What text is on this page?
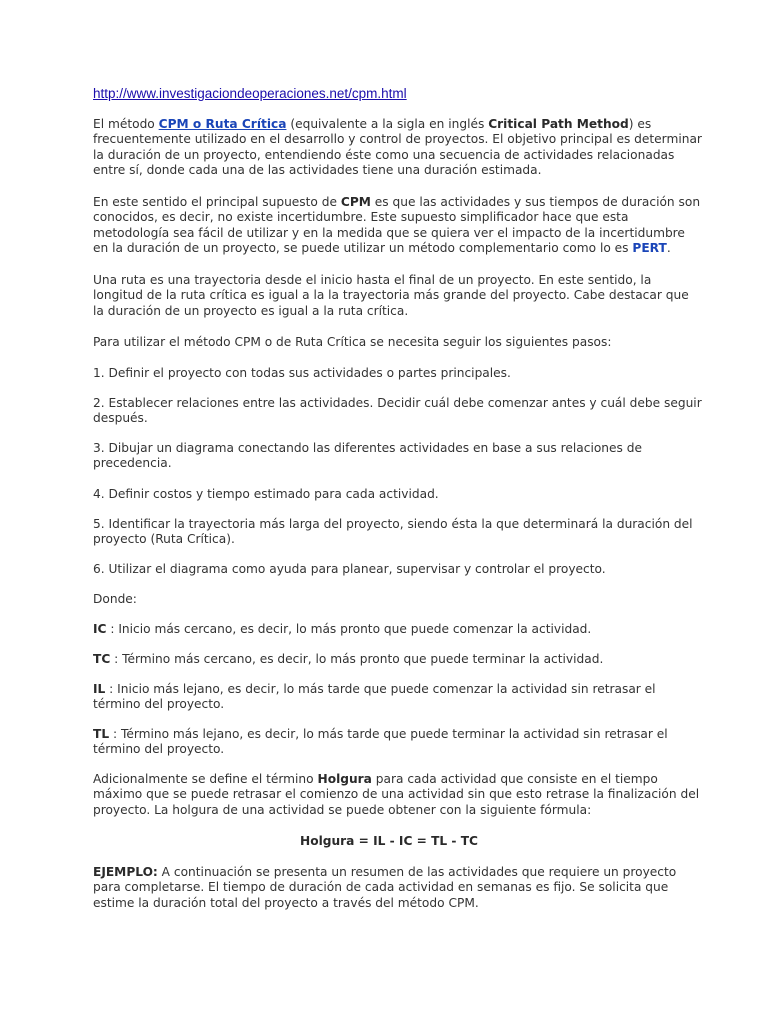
http://www.investigaciondeoperaciones.net/cpm.html

El método CPM o Ruta Crítica (equivalente a la sigla en inglés Critical Path Method) es
frecuentemente utilizado en el desarrollo y control de proyectos. El objetivo principal es determinar
la duración de un proyecto, entendiendo éste como una secuencia de actividades relacionadas
entre sí, donde cada una de las actividades tiene una duración estimada.

En este sentido el principal supuesto de CPM es que las actividades y sus tiempos de duración son
conocidos, es decir, no existe incertidumbre. Este supuesto simplificador hace que esta
metodología sea fácil de utilizar y en la medida que se quiera ver el impacto de la incertidumbre
en la duración de un proyecto, se puede utilizar un método complementario como lo es PERT.

Una ruta es una trayectoria desde el inicio hasta el final de un proyecto. En este sentido, la
longitud de la ruta crítica es igual a la la trayectoria más grande del proyecto. Cabe destacar que
la duración de un proyecto es igual a la ruta crítica.

Para utilizar el método CPM o de Ruta Crítica se necesita seguir los siguientes pasos:

1. Definir el proyecto con todas sus actividades o partes principales.

2. Establecer relaciones entre las actividades. Decidir cuál debe comenzar antes y cuál debe seguir
después.

3. Dibujar un diagrama conectando las diferentes actividades en base a sus relaciones de
precedencia.

4. Definir costos y tiempo estimado para cada actividad.

5. Identificar la trayectoria más larga del proyecto, siendo ésta la que determinará la duración del
proyecto (Ruta Crítica).

6. Utilizar el diagrama como ayuda para planear, supervisar y controlar el proyecto.

Donde:

IC : Inicio más cercano, es decir, lo más pronto que puede comenzar la actividad.

TC : Término más cercano, es decir, lo más pronto que puede terminar la actividad.

IL : Inicio más lejano, es decir, lo más tarde que puede comenzar la actividad sin retrasar el
término del proyecto.

TL : Término más lejano, es decir, lo más tarde que puede terminar la actividad sin retrasar el
término del proyecto.

Adicionalmente se define el término Holgura para cada actividad que consiste en el tiempo
máximo que se puede retrasar el comienzo de una actividad sin que esto retrase la finalización del
proyecto. La holgura de una actividad se puede obtener con la siguiente fórmula:

Holgura = IL - IC = TL - TC

EJEMPLO: A continuación se presenta un resumen de las actividades que requiere un proyecto
para completarse. El tiempo de duración de cada actividad en semanas es fijo. Se solicita que
estime la duración total del proyecto a través del método CPM.
